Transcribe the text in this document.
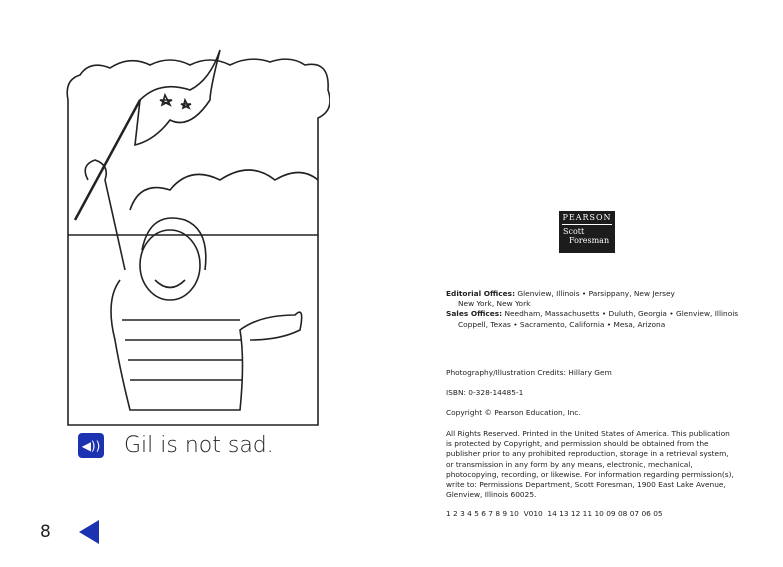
◀)) Gil is not sad.
8
PEARSON
Scott
Foresman
Editorial Offices: Glenview, Illinois • Parsippany, New Jersey
New York, New York
Sales Offices: Needham, Massachusetts • Duluth, Georgia • Glenview, Illinois
Coppell, Texas • Sacramento, California • Mesa, Arizona
Photography/Illustration Credits: Hillary Gem
ISBN: 0-328-14485-1
Copyright © Pearson Education, Inc.
All Rights Reserved. Printed in the United States of America. This publication is protected by Copyright, and permission should be obtained from the publisher prior to any prohibited reproduction, storage in a retrieval system, or transmission in any form by any means, electronic, mechanical, photocopying, recording, or likewise. For information regarding permission(s), write to: Permissions Department, Scott Foresman, 1900 East Lake Avenue, Glenview, Illinois 60025.
1 2 3 4 5 6 7 8 9 10  V010  14 13 12 11 10 09 08 07 06 05
